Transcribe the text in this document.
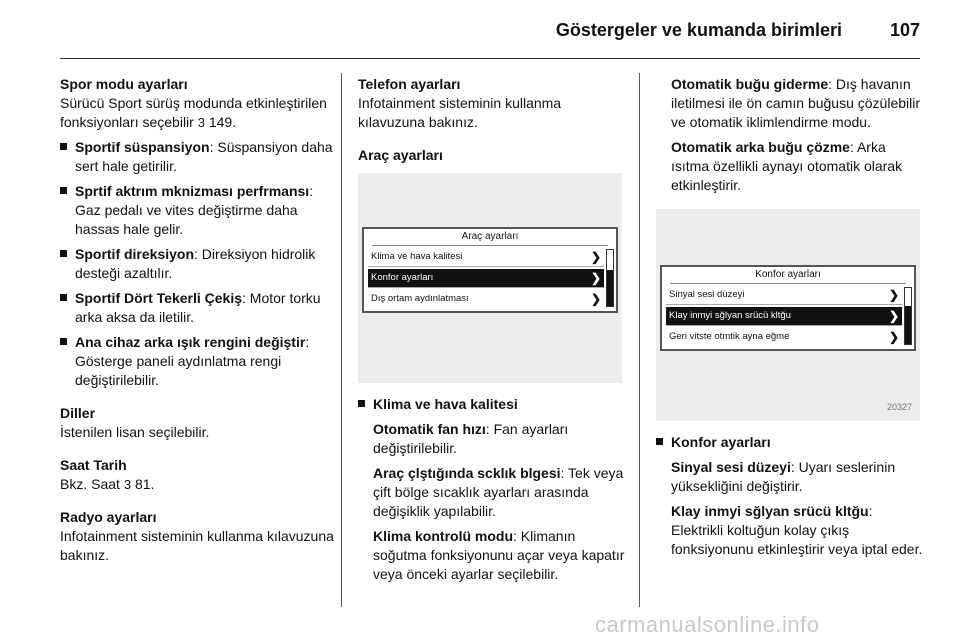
Göstergeler ve kumanda birimleri	107

Spor modu ayarları

Sürücü Sport sürüş modunda etkinleştirilen fonksiyonları seçebilir 3 149.

Sportif süspansiyon: Süspansiyon daha sert hale getirilir.
Sprtif aktrım mknizması perfrmansı: Gaz pedalı ve vites değiştirme daha hassas hale gelir.
Sportif direksiyon: Direksiyon hidrolik desteği azaltılır.
Sportif Dört Tekerli Çekiş: Motor torku arka aksa da iletilir.
Ana cihaz arka ışık rengini değiştir: Gösterge paneli aydınlatma rengi değiştirilebilir.

Diller

İstenilen lisan seçilebilir.

Saat Tarih

Bkz. Saat 3 81.

Radyo ayarları

Infotainment sisteminin kullanma kılavuzuna bakınız.

Telefon ayarları

Infotainment sisteminin kullanma kılavuzuna bakınız.

Araç ayarları

Araç ayarları
Klima ve hava kalitesi	❯
Konfor ayarları	❯
Dış ortam aydınlatması	❯
Klima ve hava kalitesi
Otomatik fan hızı: Fan ayarları değiştirilebilir.
Araç çlştığında scklık blgesi: Tek veya çift bölge sıcaklık ayarları arasında değişiklik yapılabilir.
Klima kontrolü modu: Klimanın soğutma fonksiyonunu açar veya kapatır veya önceki ayarlar seçilebilir.
Otomatik buğu giderme: Dış havanın iletilmesi ile ön camın buğusu çözülebilir ve otomatik iklimlendirme modu.
Otomatik arka buğu çözme: Arka ısıtma özellikli aynayı otomatik olarak etkinleştirir.
Konfor ayarları
Sinyal sesi düzeyi	❯
Klay inmyi sğlyan srücü kltğu	❯
Geri vitste otmtik ayna eğme	❯
20327
Konfor ayarları
Sinyal sesi düzeyi: Uyarı seslerinin yüksekliğini değiştirir.
Klay inmyi sğlyan srücü kltğu: Elektrikli koltuğun kolay çıkış fonksiyonunu etkinleştirir veya iptal eder.
carmanualsonline.info
